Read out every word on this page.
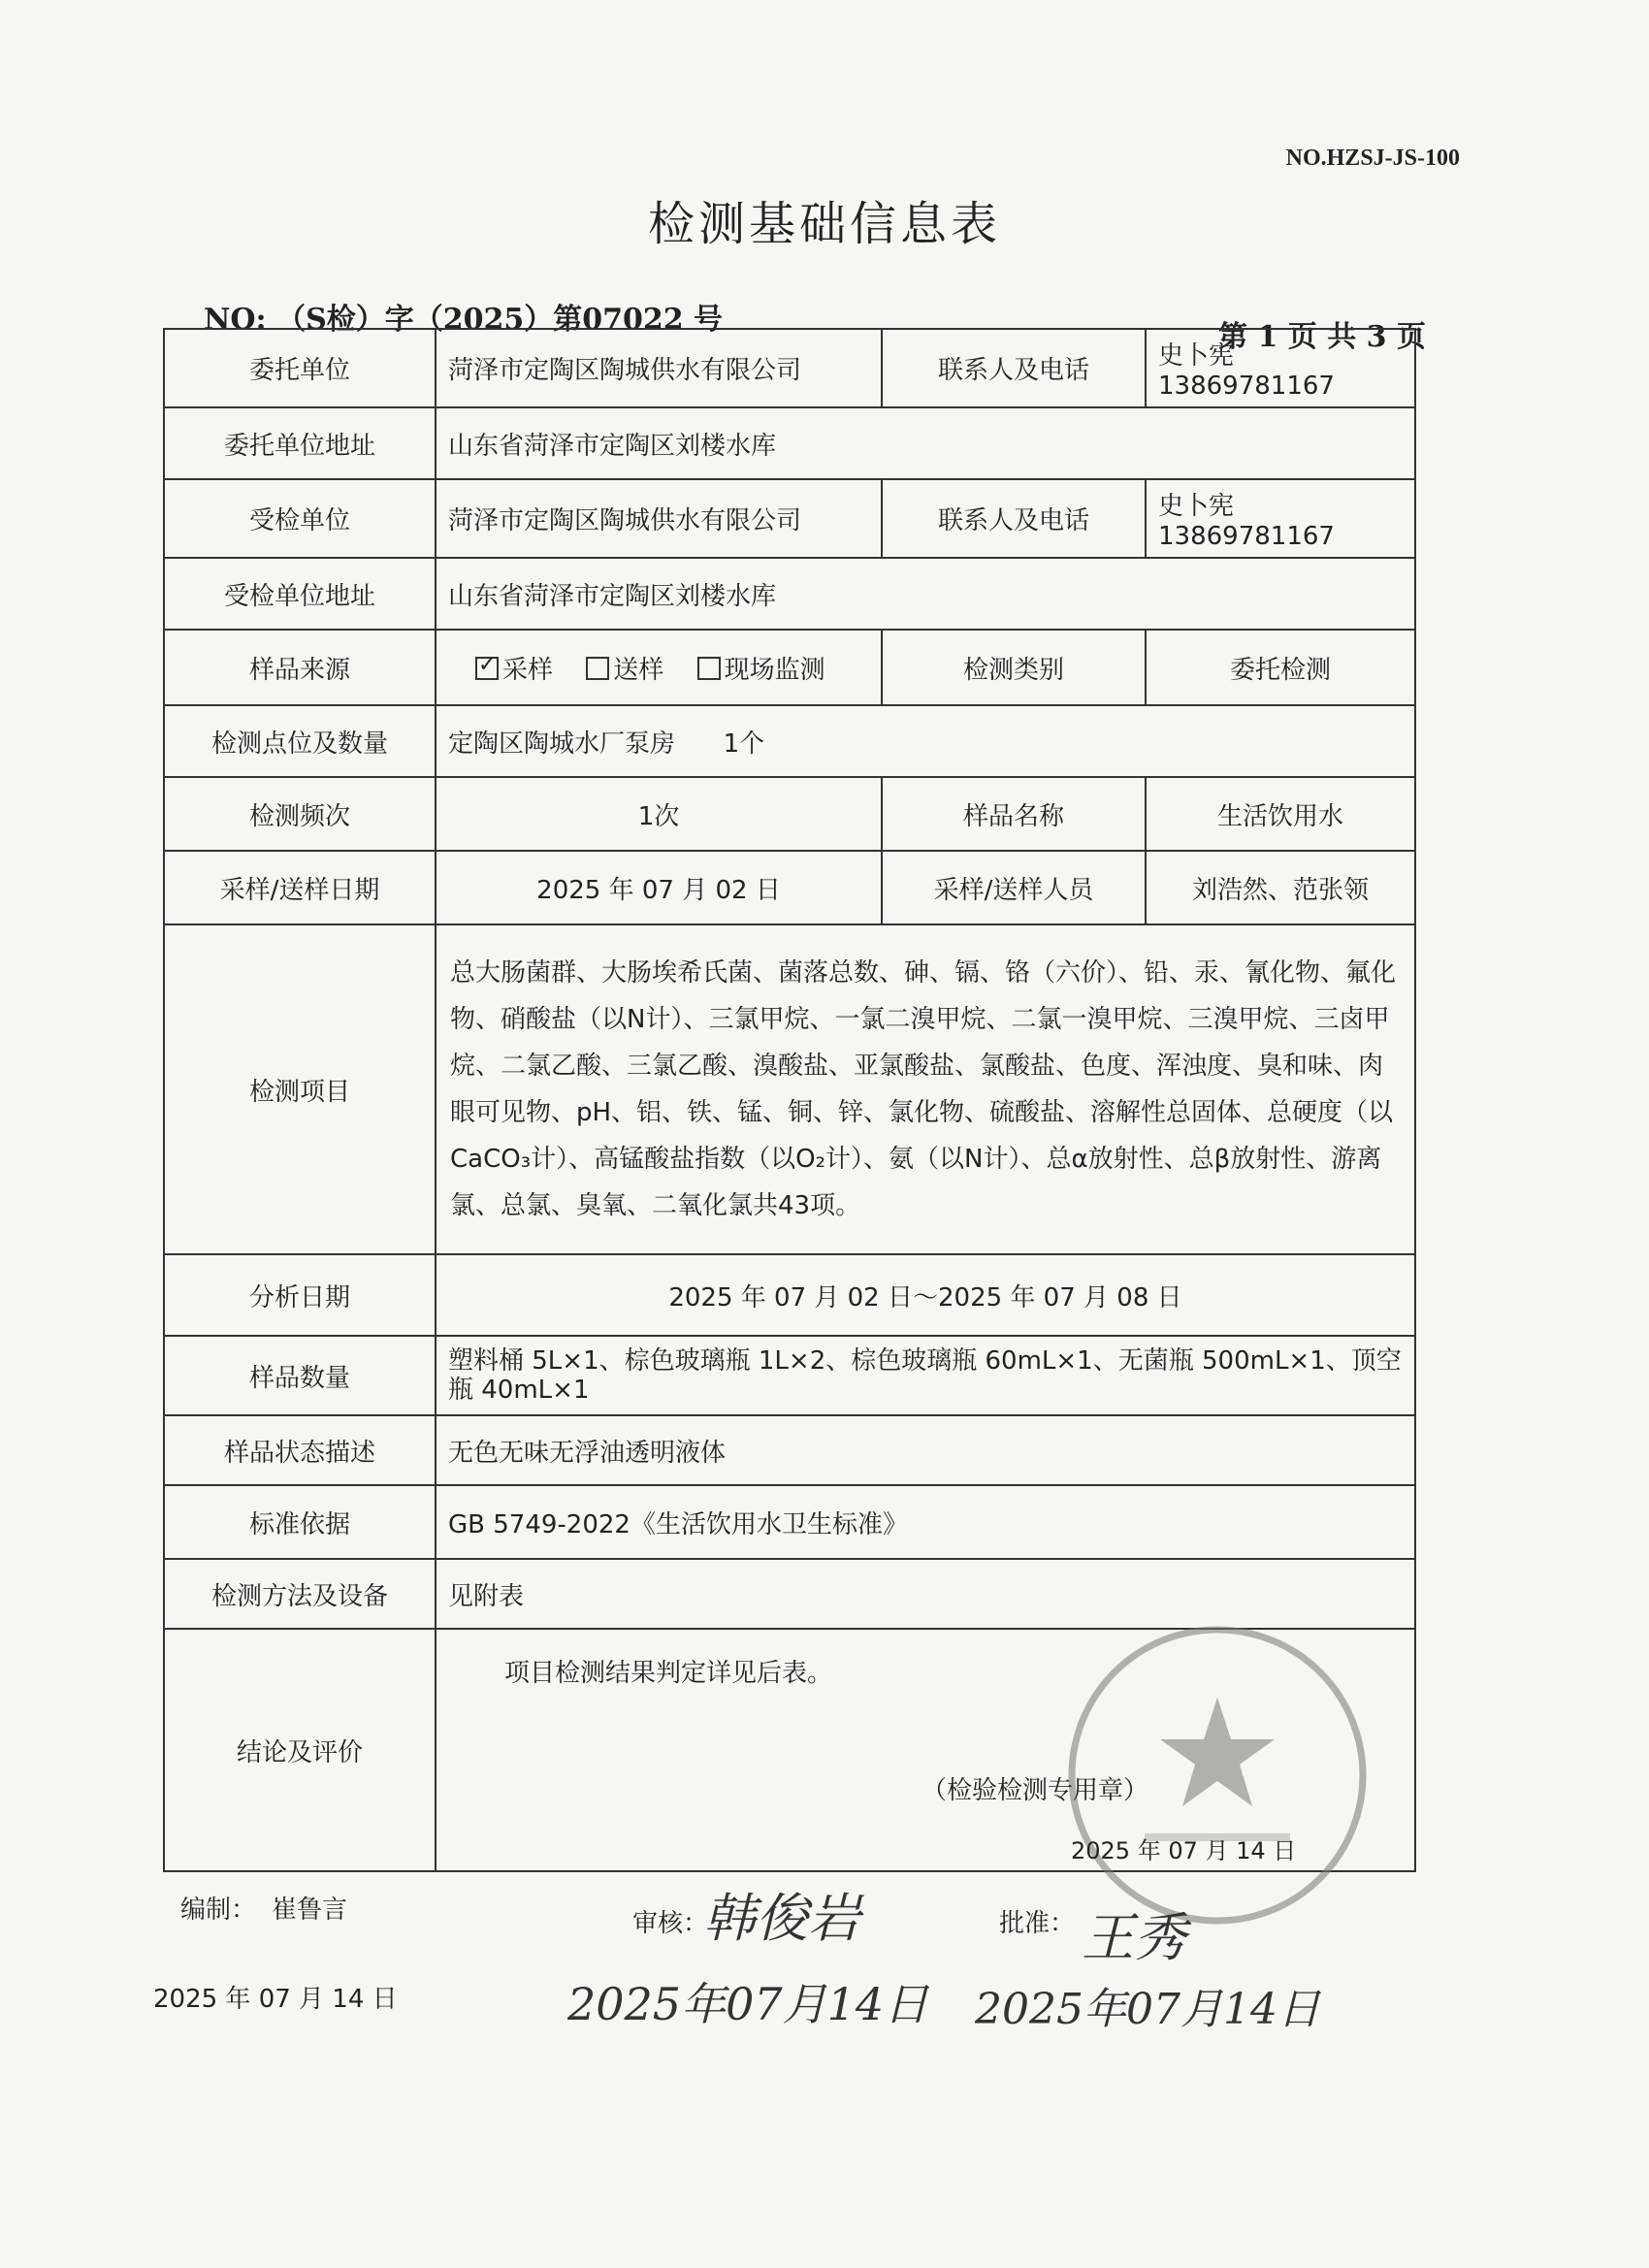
NO.HZSJ-JS-100
检测基础信息表
NO: （S检）字（2025）第07022 号
第 1 页 共 3 页
委托单位	菏泽市定陶区陶城供水有限公司	联系人及电话	史卜宪 13869781167
委托单位地址	山东省菏泽市定陶区刘楼水库		
受检单位	菏泽市定陶区陶城供水有限公司	联系人及电话	史卜宪 13869781167
受检单位地址	山东省菏泽市定陶区刘楼水库		
样品来源	✓采样 送样 现场监测	检测类别	委托检测
检测点位及数量	定陶区陶城水厂泵房      1个		
检测频次	1次	样品名称	生活饮用水
采样/送样日期	2025 年 07 月 02 日	采样/送样人员	刘浩然、范张领
检测项目	总大肠菌群、大肠埃希氏菌、菌落总数、砷、镉、铬（六价）、铅、汞、氰化物、氟化物、硝酸盐（以N计）、三氯甲烷、一氯二溴甲烷、二氯一溴甲烷、三溴甲烷、三卤甲烷、二氯乙酸、三氯乙酸、溴酸盐、亚氯酸盐、氯酸盐、色度、浑浊度、臭和味、肉眼可见物、pH、铝、铁、锰、铜、锌、氯化物、硫酸盐、溶解性总固体、总硬度（以CaCO₃计）、高锰酸盐指数（以O₂计）、氨（以N计）、总α放射性、总β放射性、游离氯、总氯、臭氧、二氧化氯共43项。		
分析日期	2025 年 07 月 02 日～2025 年 07 月 08 日		
样品数量	塑料桶 5L×1、棕色玻璃瓶 1L×2、棕色玻璃瓶 60mL×1、无菌瓶 500mL×1、顶空瓶 40mL×1		
样品状态描述	无色无味无浮油透明液体		
标准依据	GB 5749-2022《生活饮用水卫生标准》		
检测方法及设备	见附表		
结论及评价	项目检测结果判定详见后表。		
（检验检测专用章）
2025 年 07 月 14 日
编制： 崔鲁言
2025 年 07 月 14 日
审核：
韩俊岩
2025年07月14日
批准： 王秀
2025年07月14日
